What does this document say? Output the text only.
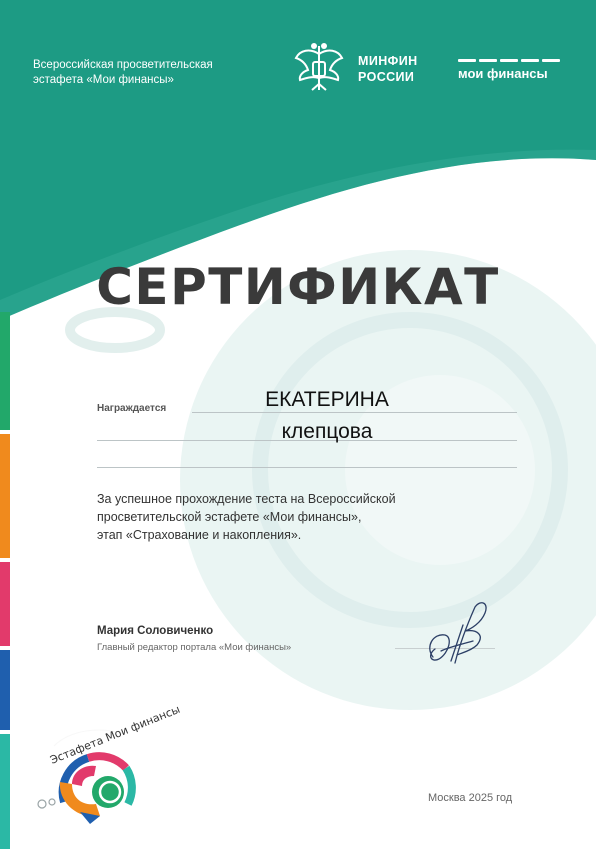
Всероссийская просветительская
эстафета «Мои финансы»
МИНФИН
РОССИИ	мои финансы
СЕРТИФИКАТ
Награждается	ЕКАТЕРИНА
клепцова
За успешное прохождение теста на Всероссийской
просветительской эстафете «Мои финансы»,
этап «Страхование и накопления».
Мария Соловиченко
Главный редактор портала «Мои финансы»
Эстафета Мои финансы
Москва 2025 год
